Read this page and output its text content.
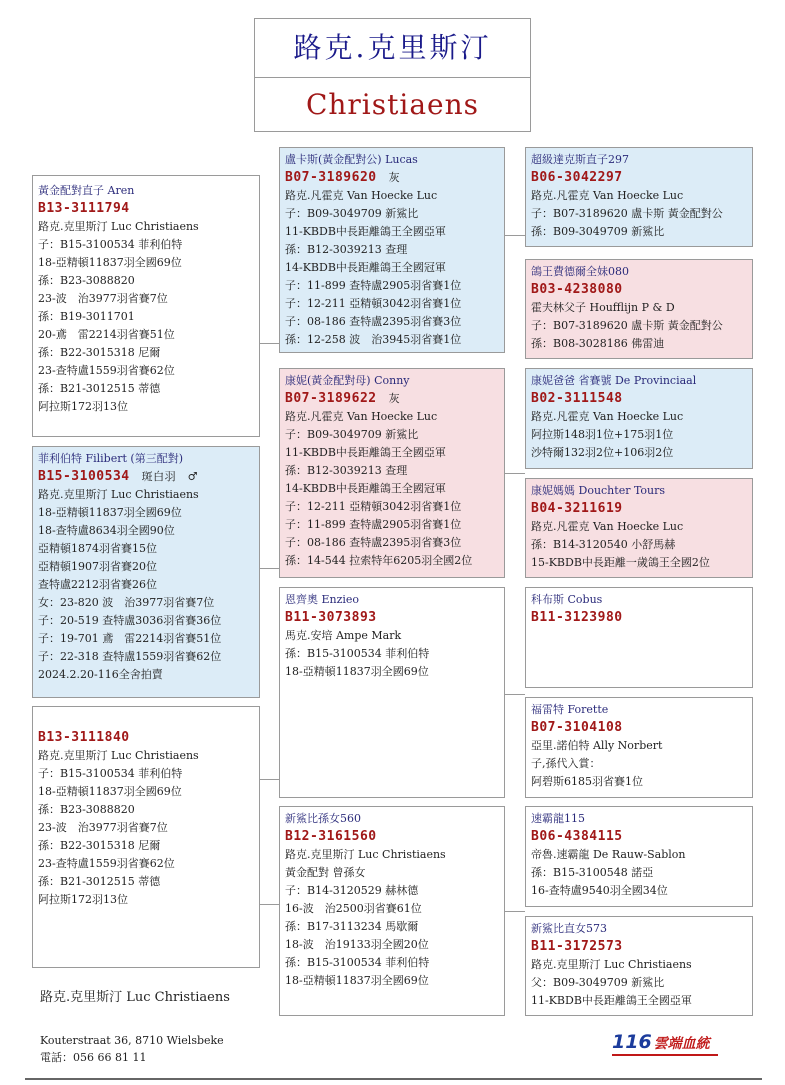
路克.克里斯汀
Christiaens
黃金配對直子 Aren
B13-3111794
路克.克里斯汀 Luc Christiaens
子：B15-3100534 菲利伯特
18-亞精頓11837羽全國69位
孫：B23-3088820
23-波　治3977羽省賽7位
孫：B19-3011701
20-鳶　雷2214羽省賽51位
孫：B22-3015318 尼爾
23-查特盧1559羽省賽62位
孫：B21-3012515 蒂德
阿拉斯172羽13位
菲利伯特 Filibert (第三配對)
B15-3100534 斑白羽　♂
路克.克里斯汀 Luc Christiaens
18-亞精頓11837羽全國69位
18-查特盧8634羽全國90位
亞精頓1874羽省賽15位
亞精頓1907羽省賽20位
查特盧2212羽省賽26位
女：23-820 波　治3977羽省賽7位
子：20-519 查特盧3036羽省賽36位
子：19-701 鳶　雷2214羽省賽51位
子：22-318 查特盧1559羽省賽62位
2024.2.20-116全舍拍賣
B13-3111840
路克.克里斯汀 Luc Christiaens
子：B15-3100534 菲利伯特
18-亞精頓11837羽全國69位
孫：B23-3088820
23-波　治3977羽省賽7位
孫：B22-3015318 尼爾
23-查特盧1559羽省賽62位
孫：B21-3012515 蒂德
阿拉斯172羽13位
盧卡斯(黃金配對公) Lucas
B07-3189620 灰
路克.凡霍克 Van Hoecke Luc
子：B09-3049709 新鯊比
11-KBDB中長距離鴿王全國亞軍
孫：B12-3039213 查理
14-KBDB中長距離鴿王全國冠軍
子：11-899 查特盧2905羽省賽1位
子：12-211 亞精頓3042羽省賽1位
子：08-186 查特盧2395羽省賽3位
孫：12-258 波　治3945羽省賽1位
康妮(黃金配對母) Conny
B07-3189622 灰
路克.凡霍克 Van Hoecke Luc
子：B09-3049709 新鯊比
11-KBDB中長距離鴿王全國亞軍
孫：B12-3039213 查理
14-KBDB中長距離鴿王全國冠軍
子：12-211 亞精頓3042羽省賽1位
子：11-899 查特盧2905羽省賽1位
子：08-186 查特盧2395羽省賽3位
孫：14-544 拉索特年6205羽全國2位
恩齊奧 Enzieo
B11-3073893
馬克.安培 Ampe Mark
孫：B15-3100534 菲利伯特
18-亞精頓11837羽全國69位
新鯊比孫女560
B12-3161560
路克.克里斯汀 Luc Christiaens
黃金配對 曾孫女
子：B14-3120529 赫林德
16-波　治2500羽省賽61位
孫：B17-3113234 馬歇爾
18-波　治19133羽全國20位
孫：B15-3100534 菲利伯特
18-亞精頓11837羽全國69位
超級達克斯直子297
B06-3042297
路克.凡霍克 Van Hoecke Luc
子：B07-3189620 盧卡斯 黃金配對公
孫：B09-3049709 新鯊比
鴿王費德爾全妹080
B03-4238080
霍夫林父子 Houfflijn P & D
子：B07-3189620 盧卡斯 黃金配對公
孫：B08-3028186 佛雷迪
康妮爸爸 省賽號 De Provinciaal
B02-3111548
路克.凡霍克 Van Hoecke Luc
阿拉斯148羽1位+175羽1位
沙特爾132羽2位+106羽2位
康妮媽媽 Douchter Tours
B04-3211619
路克.凡霍克 Van Hoecke Luc
孫：B14-3120540 小舒馬赫
15-KBDB中長距離一歲鴿王全國2位
科布斯 Cobus
B11-3123980
福雷特 Forette
B07-3104108
亞里.諾伯特 Ally Norbert
子,孫代入賞：
阿碧斯6185羽省賽1位
速霸龍115
B06-4384115
帝魯.速霸龍 De Rauw-Sablon
孫：B15-3100548 諾亞
16-查特盧9540羽全國34位
新鯊比直女573
B11-3172573
路克.克里斯汀 Luc Christiaens
父：B09-3049709 新鯊比
11-KBDB中長距離鴿王全國亞軍
路克.克里斯汀 Luc Christiaens
Kouterstraat 36, 8710 Wielsbeke
電話：056 66 81 11
116 雲端血統
